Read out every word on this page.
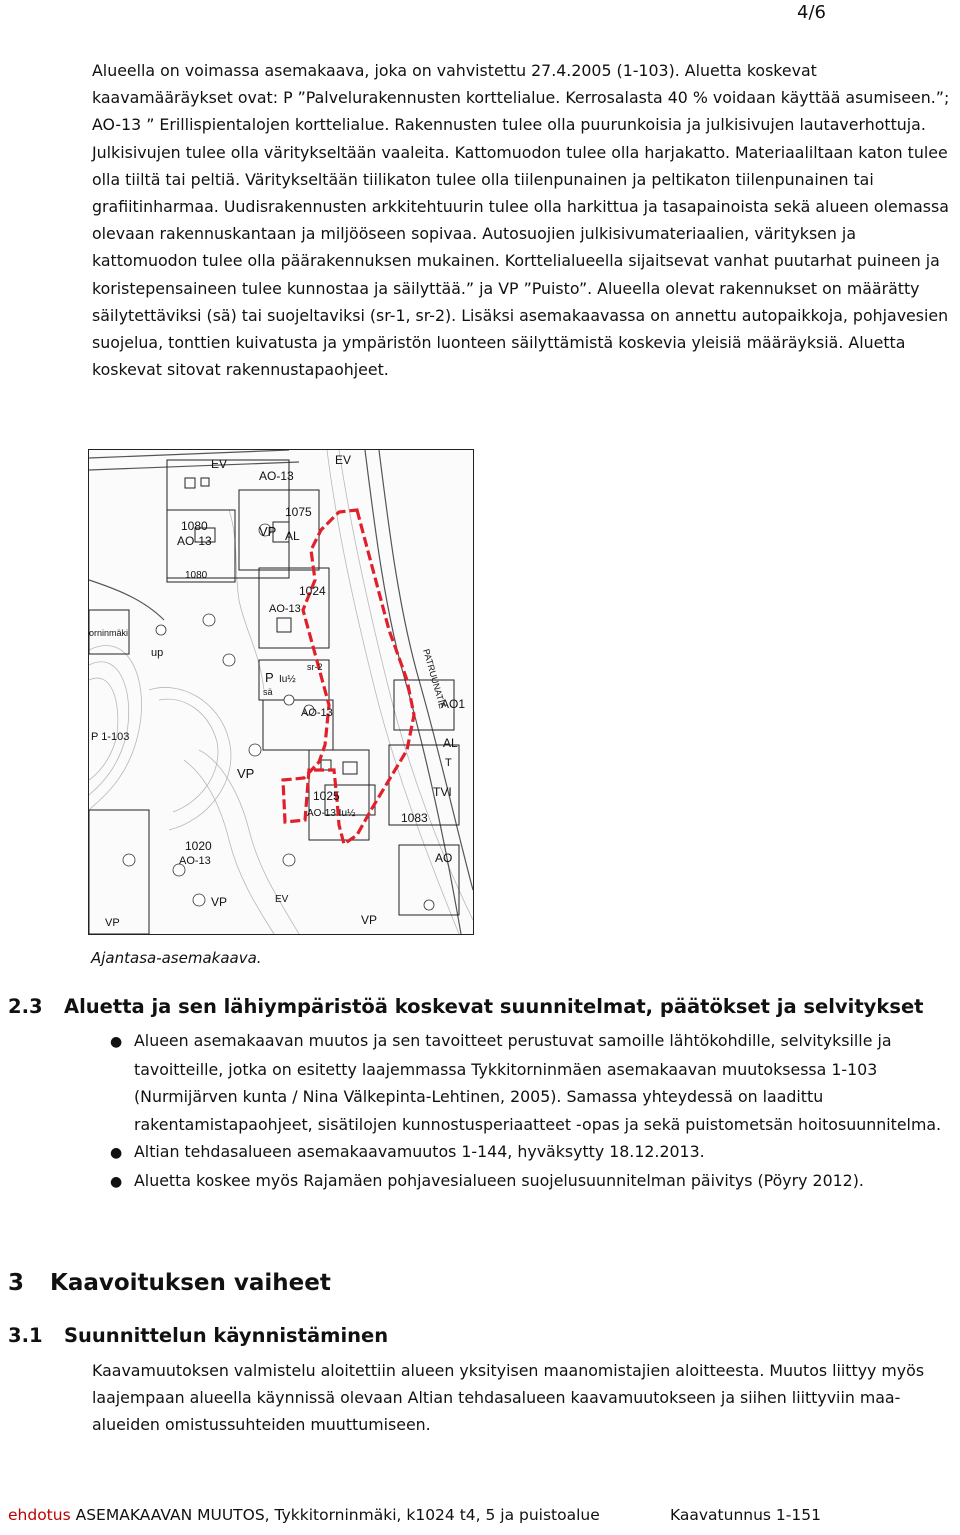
4/6

Alueella on voimassa asemakaava, joka on vahvistettu 27.4.2005 (1-103). Aluetta koskevat kaavamääräykset ovat: P ”Palvelurakennusten korttelialue. Kerrosalasta 40 % voidaan käyttää asumiseen.”; AO-13 ” Erillispientalojen korttelialue. Rakennusten tulee olla puurunkoisia ja julkisivujen lautaverhottuja. Julkisivujen tulee olla väritykseltään vaaleita. Kattomuodon tulee olla harjakatto. Materiaaliltaan katon tulee olla tiiltä tai peltiä. Väritykseltään tiilikaton tulee olla tiilenpunainen ja peltikaton tiilenpunainen tai grafiitinharmaa. Uudisrakennusten arkkitehtuurin tulee olla harkittua ja tasapainoista sekä alueen olemassa olevaan rakennuskantaan ja miljööseen sopivaa. Autosuojien julkisivumateriaalien, värityksen ja kattomuodon tulee olla päärakennuksen mukainen. Korttelialueella sijaitsevat vanhat puutarhat puineen ja koristepensaineen tulee kunnostaa ja säilyttää.” ja VP ”Puisto”. Alueella olevat rakennukset on määrätty säilytettäviksi (sä) tai suojeltaviksi (sr-1, sr-2). Lisäksi asemakaavassa on annettu autopaikkoja, pohjavesien suojelua, tonttien kuivatusta ja ympäristön luonteen säilyttämistä koskevia yleisiä määräyksiä. Aluetta koskevat sitovat rakennustapaohjeet.

EV	EV
AO-13
1075
AL
1080
AO-13
VP
1080
1024
AO-13
up
orninmäki
PATRUUNATIE
P Iu½
sä
sr-2
AO-13
VP
P 1-103
AO1
AL
T
TVI
1025
AO-13 Iu½	1083
AO
1020
AO-13
VP
VP
EV
VP

Ajantasa-asemakaava.

2.3 Aluetta ja sen lähiympäristöä koskevat suunnitelmat, päätökset ja selvitykset
● Alueen asemakaavan muutos ja sen tavoitteet perustuvat samoille lähtökohdille, selvityksille ja tavoitteille, jotka on esitetty laajemmassa Tykkitorninmäen asemakaavan muutoksessa 1-103 (Nurmijärven kunta / Nina Välkepinta-Lehtinen, 2005). Samassa yhteydessä on laadittu rakentamistapaohjeet, sisätilojen kunnostusperiaatteet -opas ja sekä puistometsän hoitosuunnitelma.
● Altian tehdasalueen asemakaavamuutos 1-144, hyväksytty 18.12.2013.
● Aluetta koskee myös Rajamäen pohjavesialueen suojelusuunnitelman päivitys (Pöyry 2012).
3 Kaavoituksen vaiheet
3.1 Suunnittelun käynnistäminen

Kaavamuutoksen valmistelu aloitettiin alueen yksityisen maanomistajien aloitteesta. Muutos liittyy myös laajempaan alueella käynnissä olevaan Altian tehdasalueen kaavamuutokseen ja siihen liittyviin maa-alueiden omistussuhteiden muuttumiseen.

ehdotus ASEMAKAAVAN MUUTOS, Tykkitorninmäki, k1024 t4, 5 ja puistoalue	Kaavatunnus 1-151
